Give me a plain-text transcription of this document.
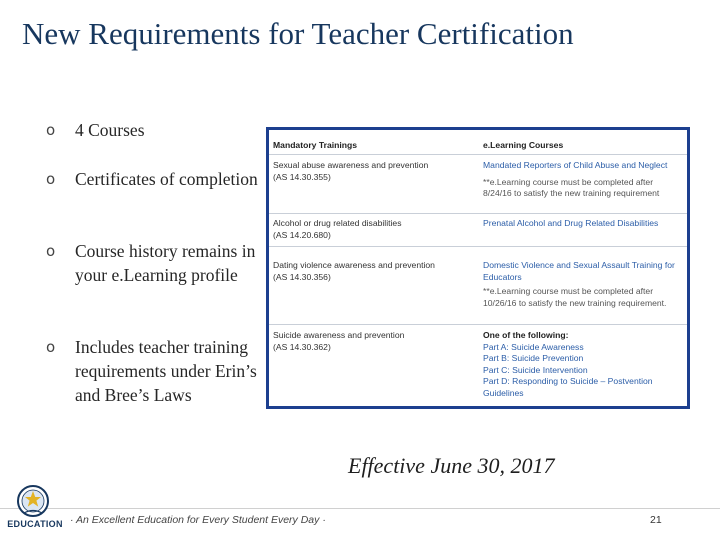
New Requirements for Teacher Certification
o 4 Courses
o Certificates of completion
o Course history remains in your e.Learning profile
o Includes teacher training requirements under Erin’s and Bree’s Laws
Mandatory Trainings	e.Learning Courses
Sexual abuse awareness and prevention
(AS 14.30.355)
Mandated Reporters of Child Abuse and Neglect
**e.Learning course must be completed after 8/24/16 to satisfy the new training requirement
Alcohol or drug related disabilities
(AS 14.20.680)
Prenatal Alcohol and Drug Related Disabilities
Dating violence awareness and prevention
(AS 14.30.356)
Domestic Violence and Sexual Assault Training for Educators
**e.Learning course must be completed after 10/26/16 to satisfy the new training requirement.
Suicide awareness and prevention
(AS 14.30.362)
One of the following:
Part A: Suicide Awareness
Part B: Suicide Prevention
Part C: Suicide Intervention
Part D: Responding to Suicide – Postvention Guidelines
Effective June 30, 2017
EDUCATION · An Excellent Education for Every Student Every Day ·	21
